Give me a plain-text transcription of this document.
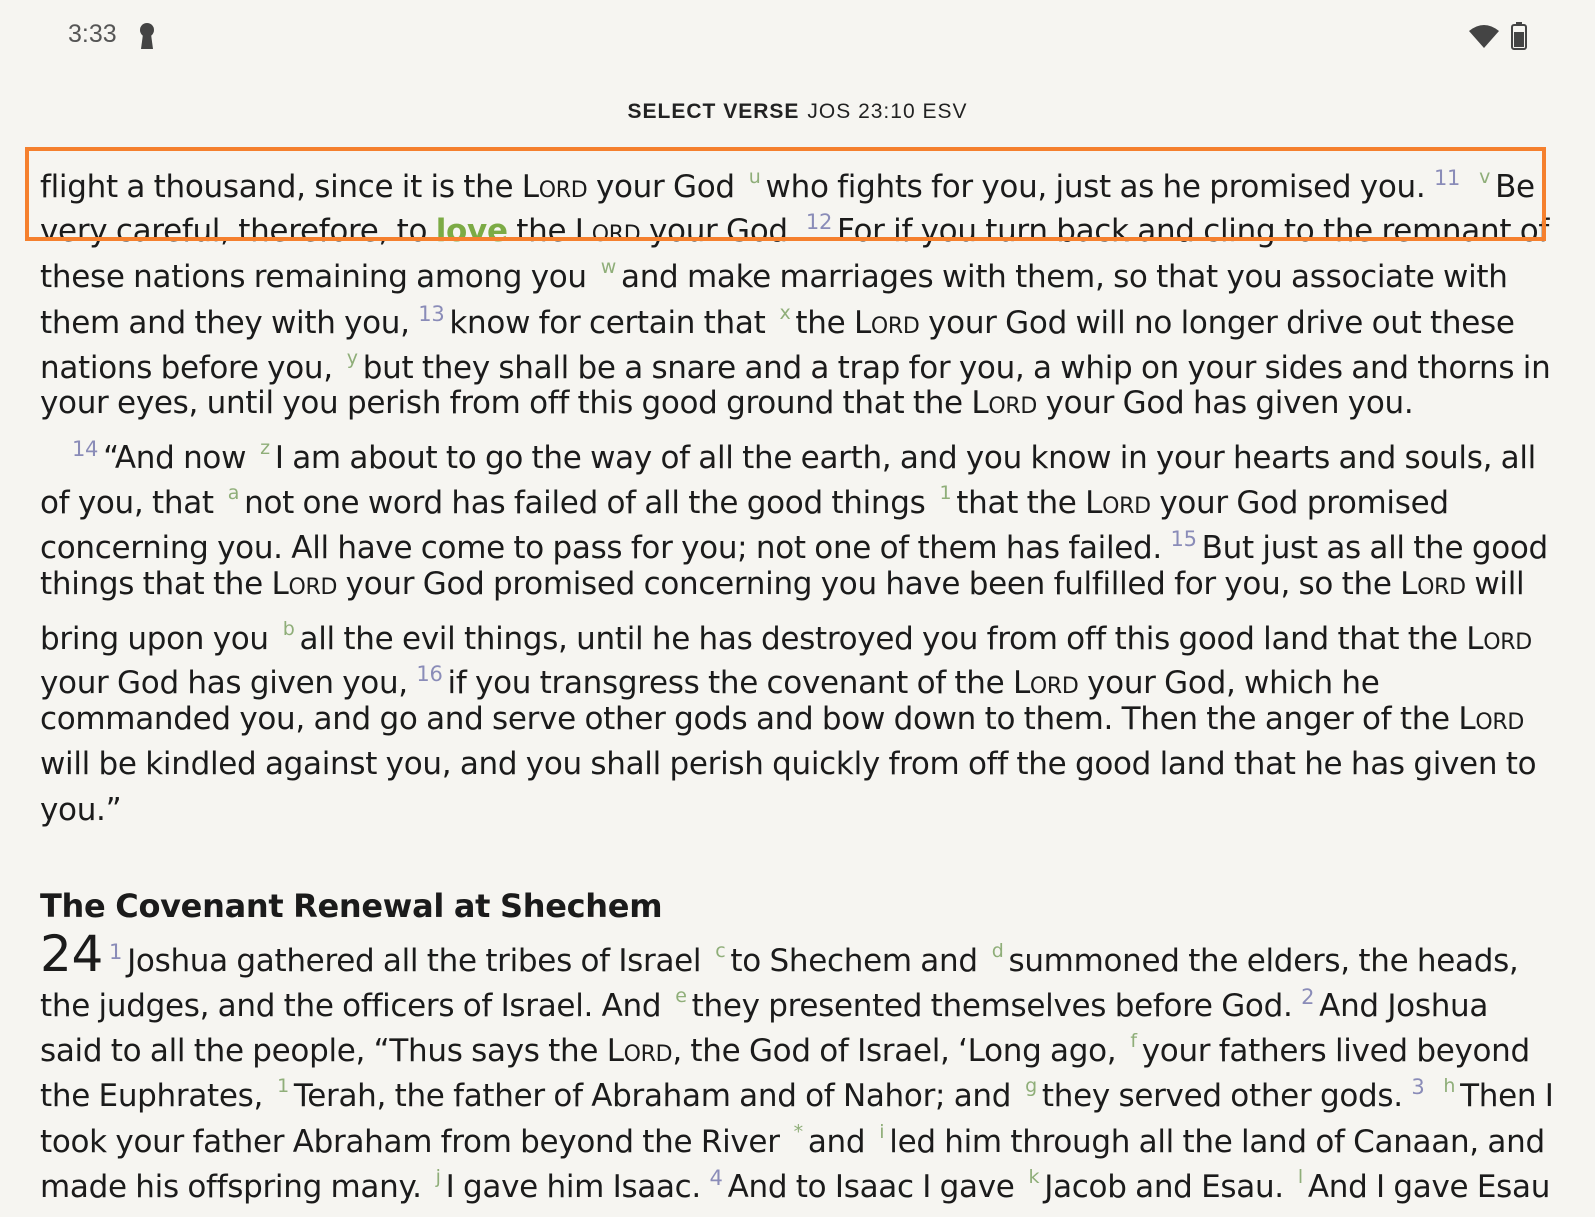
3:33
SELECT VERSE JOS 23:10 ESV
flight a thousand, since it is the Lord your God $^u$ who fights for you, just as he promised you. $^{11}$ $^v$ Be
very careful, therefore, to love the Lord your God. $^{12}$ For if you turn back and cling to the remnant of
these nations remaining among you $^w$ and make marriages with them, so that you associate with
them and they with you, $^{13}$ know for certain that $^x$ the Lord your God will no longer drive out these
nations before you, $^y$ but they shall be a snare and a trap for you, a whip on your sides and thorns in
your eyes, until you perish from off this good ground that the Lord your God has given you.
$^{14}$ “And now $^z$ I am about to go the way of all the earth, and you know in your hearts and souls, all
of you, that $^a$ not one word has failed of all the good things $^1$ that the Lord your God promised
concerning you. All have come to pass for you; not one of them has failed. $^{15}$ But just as all the good
things that the Lord your God promised concerning you have been fulfilled for you, so the Lord will
bring upon you $^b$ all the evil things, until he has destroyed you from off this good land that the Lord
your God has given you, $^{16}$ if you transgress the covenant of the Lord your God, which he
commanded you, and go and serve other gods and bow down to them. Then the anger of the Lord
will be kindled against you, and you shall perish quickly from off the good land that he has given to
you.”
The Covenant Renewal at Shechem
24 $^1$ Joshua gathered all the tribes of Israel $^c$ to Shechem and $^d$ summoned the elders, the heads,
the judges, and the officers of Israel. And $^e$ they presented themselves before God. $^2$ And Joshua
said to all the people, “Thus says the Lord, the God of Israel, ‘Long ago, $^f$ your fathers lived beyond
the Euphrates, $^1$ Terah, the father of Abraham and of Nahor; and $^g$ they served other gods. $^3$ $^h$ Then I
took your father Abraham from beyond the River * and $^i$ led him through all the land of Canaan, and
made his offspring many. $^j$ I gave him Isaac. $^4$ And to Isaac I gave $^k$ Jacob and Esau. $^l$ And I gave Esau
